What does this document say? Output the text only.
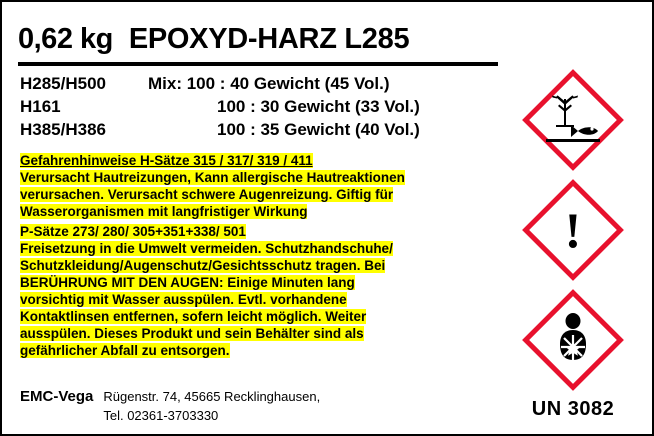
0,62 kg EPOXYD-HARZ L285
H285/H500	Mix: 100 : 40 Gewicht (45 Vol.)
H161	100 : 30 Gewicht (33 Vol.)
H385/H386	100 : 35 Gewicht (40 Vol.)
Gefahrenhinweise H-Sätze 315 / 317/ 319 / 411
Verursacht Hautreizungen, Kann allergische Hautreaktionen
verursachen. Verursacht schwere Augenreizung. Giftig für
Wasserorganismen mit langfristiger Wirkung
P-Sätze 273/ 280/ 305+351+338/ 501
Freisetzung in die Umwelt vermeiden. Schutzhandschuhe/
Schutzkleidung/Augenschutz/Gesichtsschutz tragen. Bei
BERÜHRUNG MIT DEN AUGEN: Einige Minuten lang
vorsichtig mit Wasser ausspülen. Evtl. vorhandene
Kontaktlinsen entfernen, sofern leicht möglich. Weiter
ausspülen. Dieses Produkt und sein Behälter sind als
gefährlicher Abfall zu entsorgen.
EMC-Vega Rügenstr. 74, 45665 Recklinghausen,
Tel. 02361-3703330
!
UN 3082
